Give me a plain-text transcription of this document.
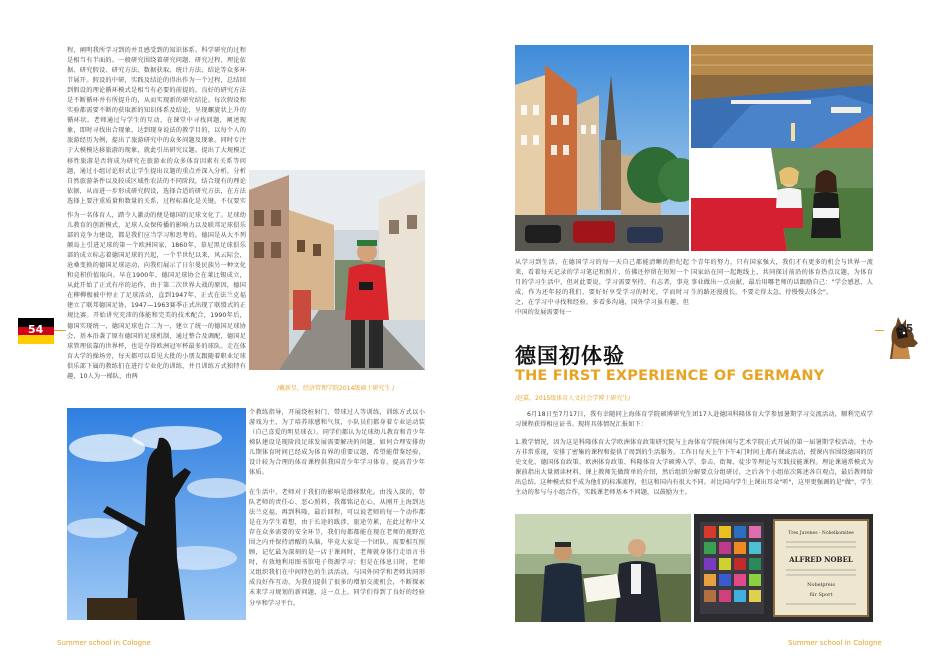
程，阐明我所学习到的并且感受到的知识体系。科学研究的过程是相当有半面的。一般研究围绕着研究问题、研究过程、理论依据、研究假设、研究方法、数据获取、统计方法、结论等众多环节展开。假设的中研，实践及结论的得出作为一个过程，总结回到假设的理论循环模式是相当有必要的前提的。良好的研究方法是不断循环并有所提升的，从而实现新的研究结论。每次假设和实验都需要不断的获取新的知识体系及结论，呈现螺旋状上升的循环状。老师通过与学生的互动，在课堂中寻找问题，阐述现象，即时寻找出合现象，达到现身说法的教学目的，以每个人的旅游经历为例，提出了旅游研究中的众多问题及现象。同时专注于大模模达移旅游的现象，就此引出研究议题。提出了大规模迁移性旅游是否将成为研究在旅游业的众多体育因素有关系等问题，通过小组讨论形式让学生提出议题的重点并深入分析，分析自然旅游条件以及较成区域性农法的不同阶段，结合现有的理论依据，从而进一步形成研究假设，选择合适的研究方法，在方法选择上要注重质量和数量的关系，过程标准化是关键。不仅要实
作为一名体育人，踏令人激动的便是德国的足球文化了。足球幼儿教育的创新模式，足球人众保传播的影响力以及联邦足球俱乐部的竞争力建设，都是我们应当学习和思考的。德国是从大不列颠岛上引进足球的第一个欧洲国家，1860年，慕尼黑足球俱乐部的成立标志着德国足球的兴起，一个半世纪以来，风云际会，沧桑变换的德国足球运动，向我们展示了日尔曼民族另一种文化和竞积价值取向。早在1900年，德国足球协会在莱比锡成立，从此开始了正式有序的运作，由于第二次世界大战的原因，德国在柳柳极被中停止了足球活动，直到1947年，正式在法兰克福建立了联邦德国足协，1947—1963赛季正式出现了联盟式的正规比赛。开始讲究充沛的体能和完美的技术配合，1990年后，德国实现统一，德国足球也合二为一，建立了统一的德国足球协会，基本沿袭了原有德国的足球机制，通过整合及调配，德国足球管理依靠的世界杯，也是夺得欧洲冠军杯最多的球队。走在体育大学的操场旁，每天都可以看见大批的小朋友跟随着职业足球俱乐部下属的教练们在进行专业化的训练，并且训练方式独特有趣，10人为一梯队，由两
54
/戴新星，经济管理学院2014级硕士研究生 /
个教练指导，开展绕桩射门、带球过人等训练，训练方式以小游戏为主，为了培养球感和气氛，小队员们都身着专业运动装（自己喜爱的明星球衣）。同学们都认为足球幼儿教育和青少年梯队建设是现阶段足球发展需要解决的问题，如何合理安排幼儿期体育时间已经成为体育界的重要议题，希望能借鉴经验，设计较为合理的体育课程供我国青少年学习体育，提高青少年体质。
在生活中，老师对于我们的影响是潜移默化。由浅入深的，带队老师的责任心、恶心照料，我都铭记在心，从刚开上海到达法兰克福，再到科隆，最后回程，可以说老师的每一个动作都是在为学生着想，由于长途的跋涉，旅途劳累，在此过程中又存在众多需要的安全环节，我们每都都能在现在老师的视野范围之内并保持清醒的头脑，毕竟大家是一个团队，需要相互照顾，记忆最为深刻的是一店于课间时，老师就身体行走语言书时，有效地利用图书馆电子资源学习；但是在体息日时，老师又组织我们在中间特色的生活活动，与国外同学和老师共同形成良好作互动，为我们提供了很多的增加交流机会，不断探索未来学习规划的新问题，这一点上，同学们得到了良好的经验分享和学习平台。
Summer school in Cologne
从学习到生活，在德国学习的每一天自己都能清晰的拒纪起来，看着每天记录的学习笔记和照片，仿佛还停留在短短一个月的学习生活中，但对此要说，学习需要坚持，有志者，事竟成，作为还年轻的我们，要好好享受学习的时光，学而时习之，在学习中寻找和经验，多看多沟通，国外学习虽有趣，但中国的发展需要每一
个青年的努力，只有国家强大，我们才有更多的机会与世界一流国家站在同一起跑线上，共同探讨前沿的体育热点议题，为体育事业做出一点贡献，最后用哪老师的话跟励自己："学会感恩，人生的路还漫漫长，不要走得太急，待慢慢去体会"。
55
德国初体验
THE FIRST EXPERIENCE OF GERMANY
/赵嘉，2015级体育人文社会学博士研究生/
6月18日至7月17日，我有幸随同上海体育学院硕博研究生团17人赴德国科隆体育大学参加暑期学习交流活动，顺利完成学习课程获得相应证书。现将具体情况汇报如下：
1.教学情况，因为这是科隆体育大学欧洲体育政策研究院与上海体育学院休闲与艺术学院正式开展的第一届暑期学校活动，主办方非常重视，安排了密集的课程和提供了周到的生活服务。工作日每天上午下午4门时间上都有课或活动，授课内容围绕德国的历史文化、德国体育政策、欧洲体育政策、科隆体育大学硕博入学、拳击、街舞、徒步等理论与实践技能课程。理论课通常模式为课前指出大量阅读材料，课上教师先做简单的介绍，然后组织分解要点分组研讨，之后各个小组依次陈述各自观点，最后教师给出总结。这种模式似乎成为他们的标准流程，但这和国内有很大不同。对比国内学生上课出耳朵"听"，这里更强调的是"做"，学生主动的参与与小组合作，实践课老师基本不问题，以鼓励为主。
Tres Juvenes - Nobelkomitee
ALFRED NOBEL
Nobelpreis
für Sport
Summer school in Cologne
